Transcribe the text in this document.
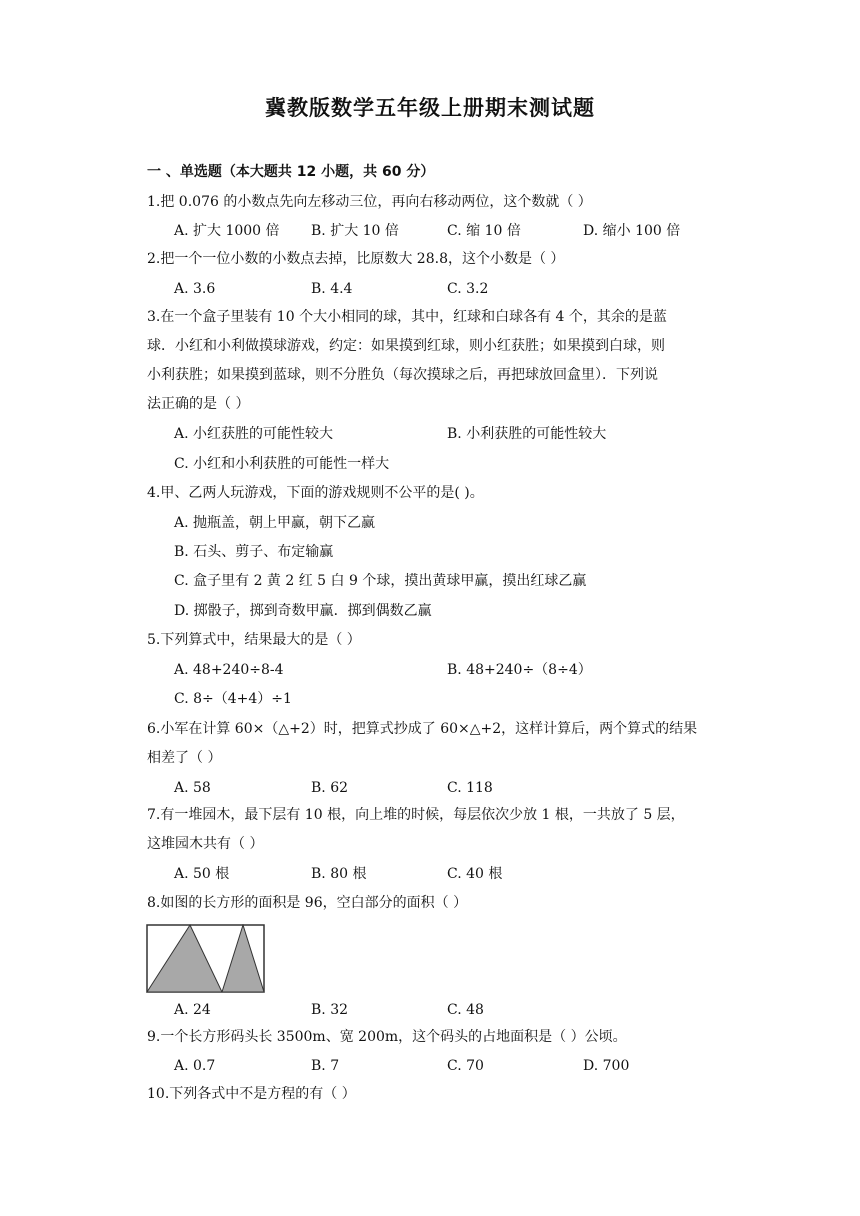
冀教版数学五年级上册期末测试题
一 、单选题（本大题共 12 小题，共 60 分）
1.把 0.076 的小数点先向左移动三位，再向右移动两位，这个数就（ ）
A. 扩大 1000 倍 B. 扩大 10 倍	C. 缩 10 倍	D. 缩小 100 倍
2.把一个一位小数的小数点去掉，比原数大 28.8，这个小数是（ ）
A. 3.6	B. 4.4	C. 3.2
3.在一个盒子里装有 10 个大小相同的球，其中，红球和白球各有 4 个，其余的是蓝
球．小红和小利做摸球游戏，约定：如果摸到红球，则小红获胜；如果摸到白球，则
小利获胜；如果摸到蓝球，则不分胜负（每次摸球之后，再把球放回盒里）．下列说
法正确的是（ ）
A. 小红获胜的可能性较大	B. 小利获胜的可能性较大
C. 小红和小利获胜的可能性一样大
4.甲、乙两人玩游戏，下面的游戏规则不公平的是( )。
A. 抛瓶盖，朝上甲赢，朝下乙赢
B. 石头、剪子、布定输赢
C. 盒子里有 2 黄 2 红 5 白 9 个球，摸出黄球甲赢，摸出红球乙赢
D. 掷骰子，掷到奇数甲赢．掷到偶数乙赢
5.下列算式中，结果最大的是（ ）
A. 48+240÷8-4	B. 48+240÷（8÷4）
C. 8÷（4+4）÷1
6.小军在计算 60×（△+2）时，把算式抄成了 60×△+2，这样计算后，两个算式的结果
相差了（ ）
A. 58	B. 62	C. 118
7.有一堆园木，最下层有 10 根，向上堆的时候，每层依次少放 1 根，一共放了 5 层，
这堆园木共有（ ）
A. 50 根	B. 80 根	C. 40 根
8.如图的长方形的面积是 96，空白部分的面积（ ）
A. 24	B. 32	C. 48
9.一个长方形码头长 3500m、宽 200m，这个码头的占地面积是（ ）公顷。
A. 0.7	B. 7	C. 70	D. 700
10.下列各式中不是方程的有（ ）
